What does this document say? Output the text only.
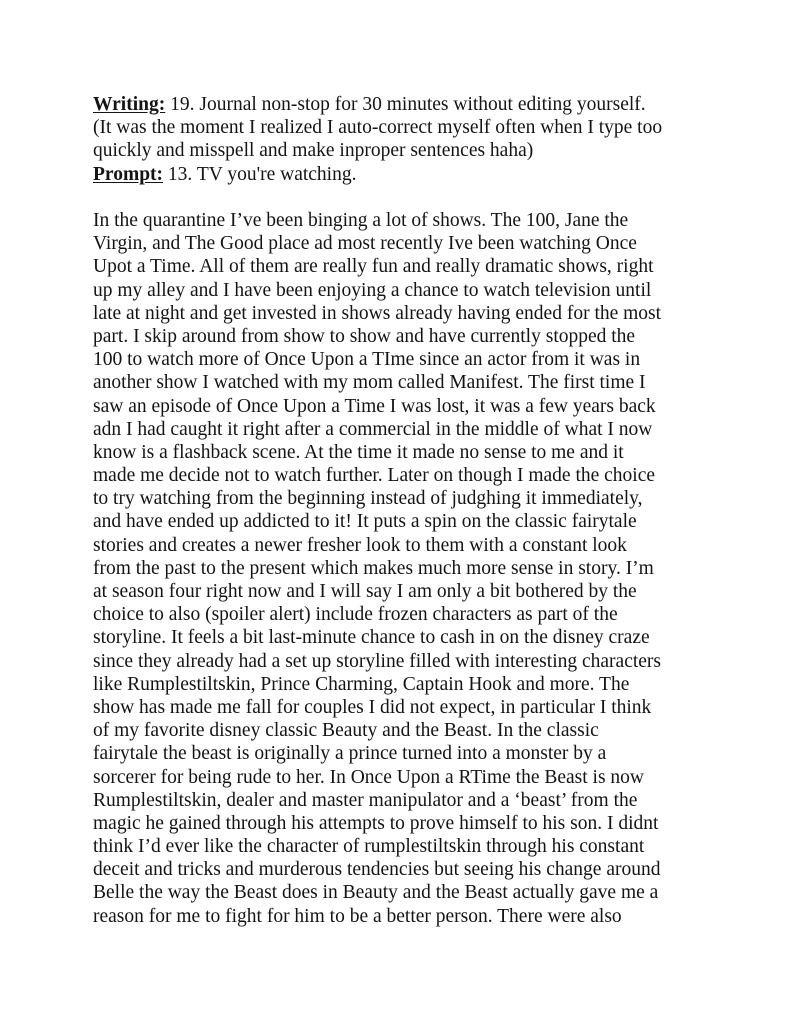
Writing: 19. Journal non-stop for 30 minutes without editing yourself.
(It was the moment I realized I auto-correct myself often when I type too
quickly and misspell and make inproper sentences haha)
Prompt: 13. TV you're watching.
In the quarantine I’ve been binging a lot of shows. The 100, Jane the
Virgin, and The Good place ad most recently Ive been watching Once
Upot a Time. All of them are really fun and really dramatic shows, right
up my alley and I have been enjoying a chance to watch television until
late at night and get invested in shows already having ended for the most
part. I skip around from show to show and have currently stopped the
100 to watch more of Once Upon a TIme since an actor from it was in
another show I watched with my mom called Manifest. The first time I
saw an episode of Once Upon a Time I was lost, it was a few years back
adn I had caught it right after a commercial in the middle of what I now
know is a flashback scene. At the time it made no sense to me and it
made me decide not to watch further. Later on though I made the choice
to try watching from the beginning instead of judghing it immediately,
and have ended up addicted to it! It puts a spin on the classic fairytale
stories and creates a newer fresher look to them with a constant look
from the past to the present which makes much more sense in story. I’m
at season four right now and I will say I am only a bit bothered by the
choice to also (spoiler alert) include frozen characters as part of the
storyline. It feels a bit last-minute chance to cash in on the disney craze
since they already had a set up storyline filled with interesting characters
like Rumplestiltskin, Prince Charming, Captain Hook and more. The
show has made me fall for couples I did not expect, in particular I think
of my favorite disney classic Beauty and the Beast. In the classic
fairytale the beast is originally a prince turned into a monster by a
sorcerer for being rude to her. In Once Upon a RTime the Beast is now
Rumplestiltskin, dealer and master manipulator and a ‘beast’ from the
magic he gained through his attempts to prove himself to his son. I didnt
think I’d ever like the character of rumplestiltskin through his constant
deceit and tricks and murderous tendencies but seeing his change around
Belle the way the Beast does in Beauty and the Beast actually gave me a
reason for me to fight for him to be a better person. There were also
